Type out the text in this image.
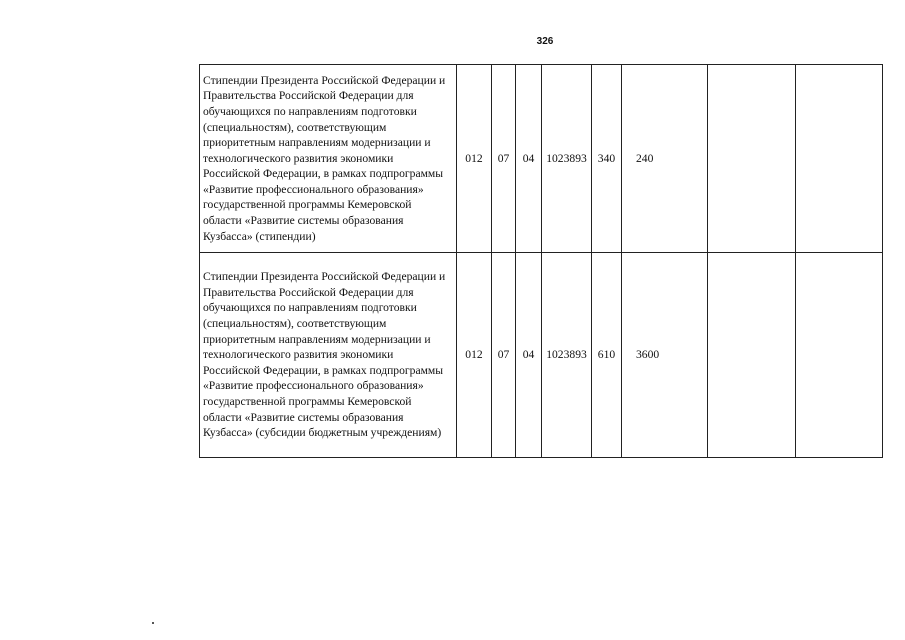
326
Стипендии Президента Российской Федерации и Правительства Российской Федерации для обучающихся по направлениям подготовки (специальностям), соответствующим приоритетным направлениям модернизации и технологического развития экономики Российской Федерации, в рамках подпрограммы «Развитие профессионального образования» государственной программы Кемеровской области «Развитие системы образования Кузбасса» (стипендии)	012	07	04	1023893	340	240		
Стипендии Президента Российской Федерации и Правительства Российской Федерации для обучающихся по направлениям подготовки (специальностям), соответствующим приоритетным направлениям модернизации и технологического развития экономики Российской Федерации, в рамках подпрограммы «Развитие профессионального образования» государственной программы Кемеровской области «Развитие системы образования Кузбасса» (субсидии бюджетным учреждениям)	012	07	04	1023893	610	3600		
